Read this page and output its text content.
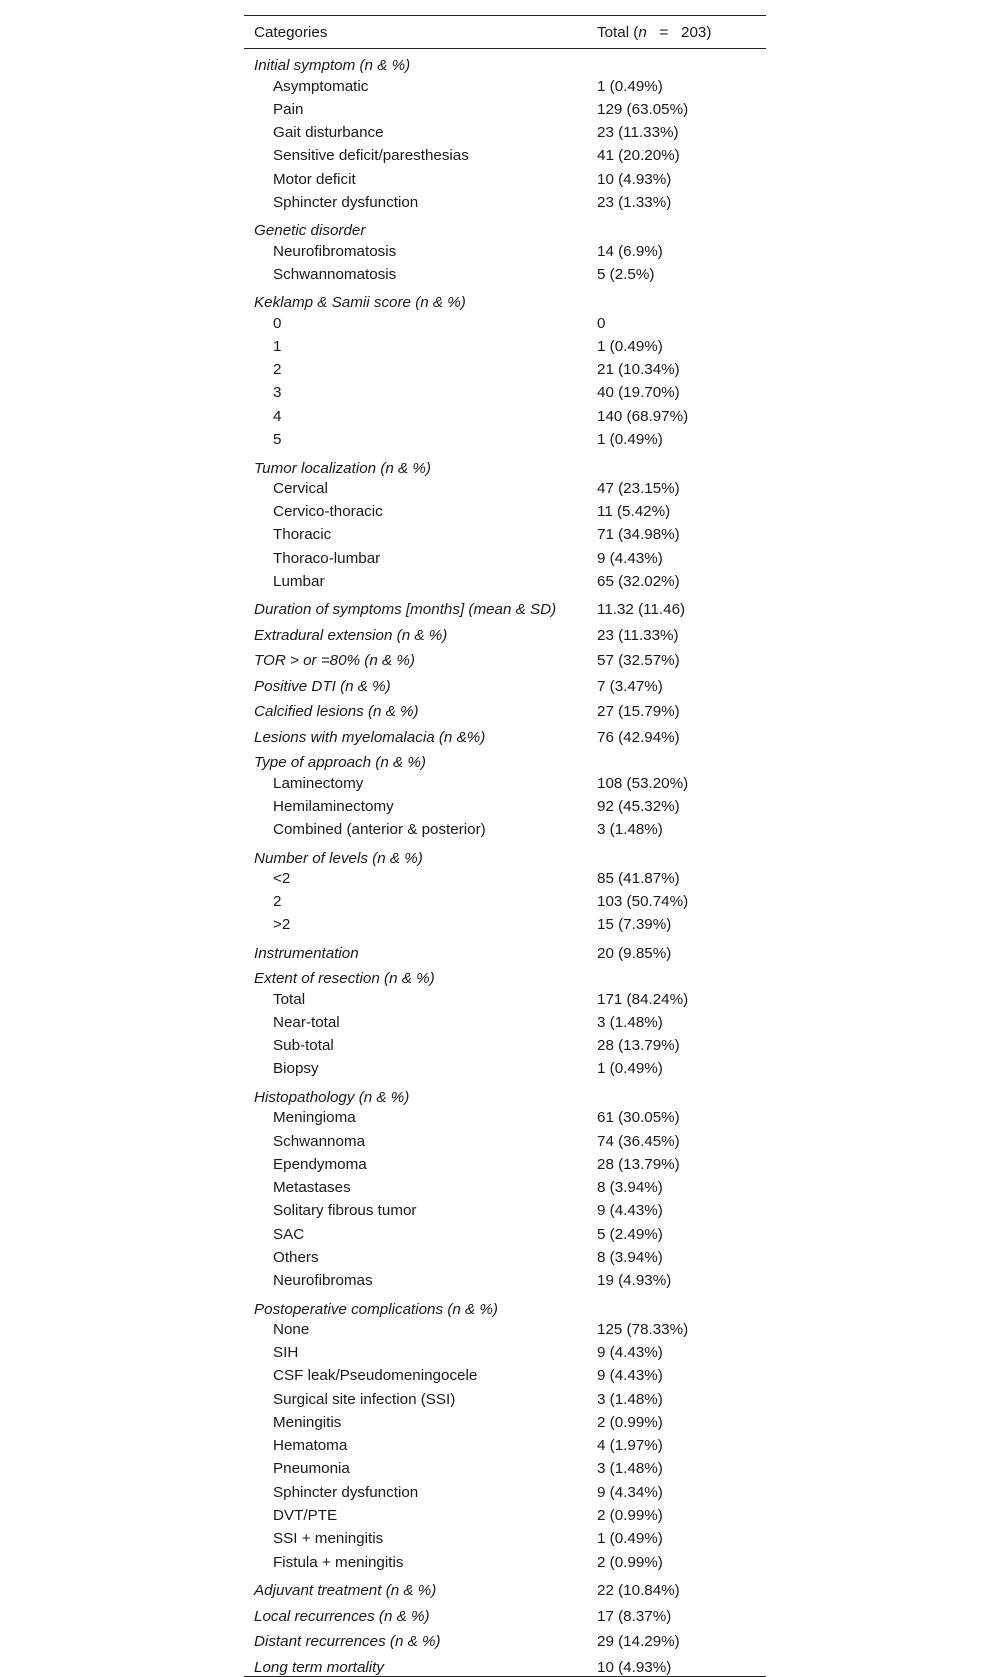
Categories	Total (n   =   203)
Initial symptom (n & %)
Asymptomatic	1 (0.49%)
Pain	129 (63.05%)
Gait disturbance	23 (11.33%)
Sensitive deficit/paresthesias	41 (20.20%)
Motor deficit	10 (4.93%)
Sphincter dysfunction	23 (1.33%)
Genetic disorder
Neurofibromatosis	14 (6.9%)
Schwannomatosis	5 (2.5%)
Keklamp & Samii score (n & %)
0	0
1	1 (0.49%)
2	21 (10.34%)
3	40 (19.70%)
4	140 (68.97%)
5	1 (0.49%)
Tumor localization (n & %)
Cervical	47 (23.15%)
Cervico-thoracic	11 (5.42%)
Thoracic	71 (34.98%)
Thoraco-lumbar	9 (4.43%)
Lumbar	65 (32.02%)
Duration of symptoms [months] (mean & SD)	11.32 (11.46)
Extradural extension (n & %)	23 (11.33%)
TOR > or =80% (n & %)	57 (32.57%)
Positive DTI (n & %)	7 (3.47%)
Calcified lesions (n & %)	27 (15.79%)
Lesions with myelomalacia (n &%)	76 (42.94%)
Type of approach (n & %)
Laminectomy	108 (53.20%)
Hemilaminectomy	92 (45.32%)
Combined (anterior & posterior)	3 (1.48%)
Number of levels (n & %)
<2	85 (41.87%)
2	103 (50.74%)
>2	15 (7.39%)
Instrumentation	20 (9.85%)
Extent of resection (n & %)
Total	171 (84.24%)
Near-total	3 (1.48%)
Sub-total	28 (13.79%)
Biopsy	1 (0.49%)
Histopathology (n & %)
Meningioma	61 (30.05%)
Schwannoma	74 (36.45%)
Ependymoma	28 (13.79%)
Metastases	8 (3.94%)
Solitary fibrous tumor	9 (4.43%)
SAC	5 (2.49%)
Others	8 (3.94%)
Neurofibromas	19 (4.93%)
Postoperative complications (n & %)
None	125 (78.33%)
SIH	9 (4.43%)
CSF leak/Pseudomeningocele	9 (4.43%)
Surgical site infection (SSI)	3 (1.48%)
Meningitis	2 (0.99%)
Hematoma	4 (1.97%)
Pneumonia	3 (1.48%)
Sphincter dysfunction	9 (4.34%)
DVT/PTE	2 (0.99%)
SSI + meningitis	1 (0.49%)
Fistula + meningitis	2 (0.99%)
Adjuvant treatment (n & %)	22 (10.84%)
Local recurrences (n & %)	17 (8.37%)
Distant recurrences (n & %)	29 (14.29%)
Long term mortality	10 (4.93%)
